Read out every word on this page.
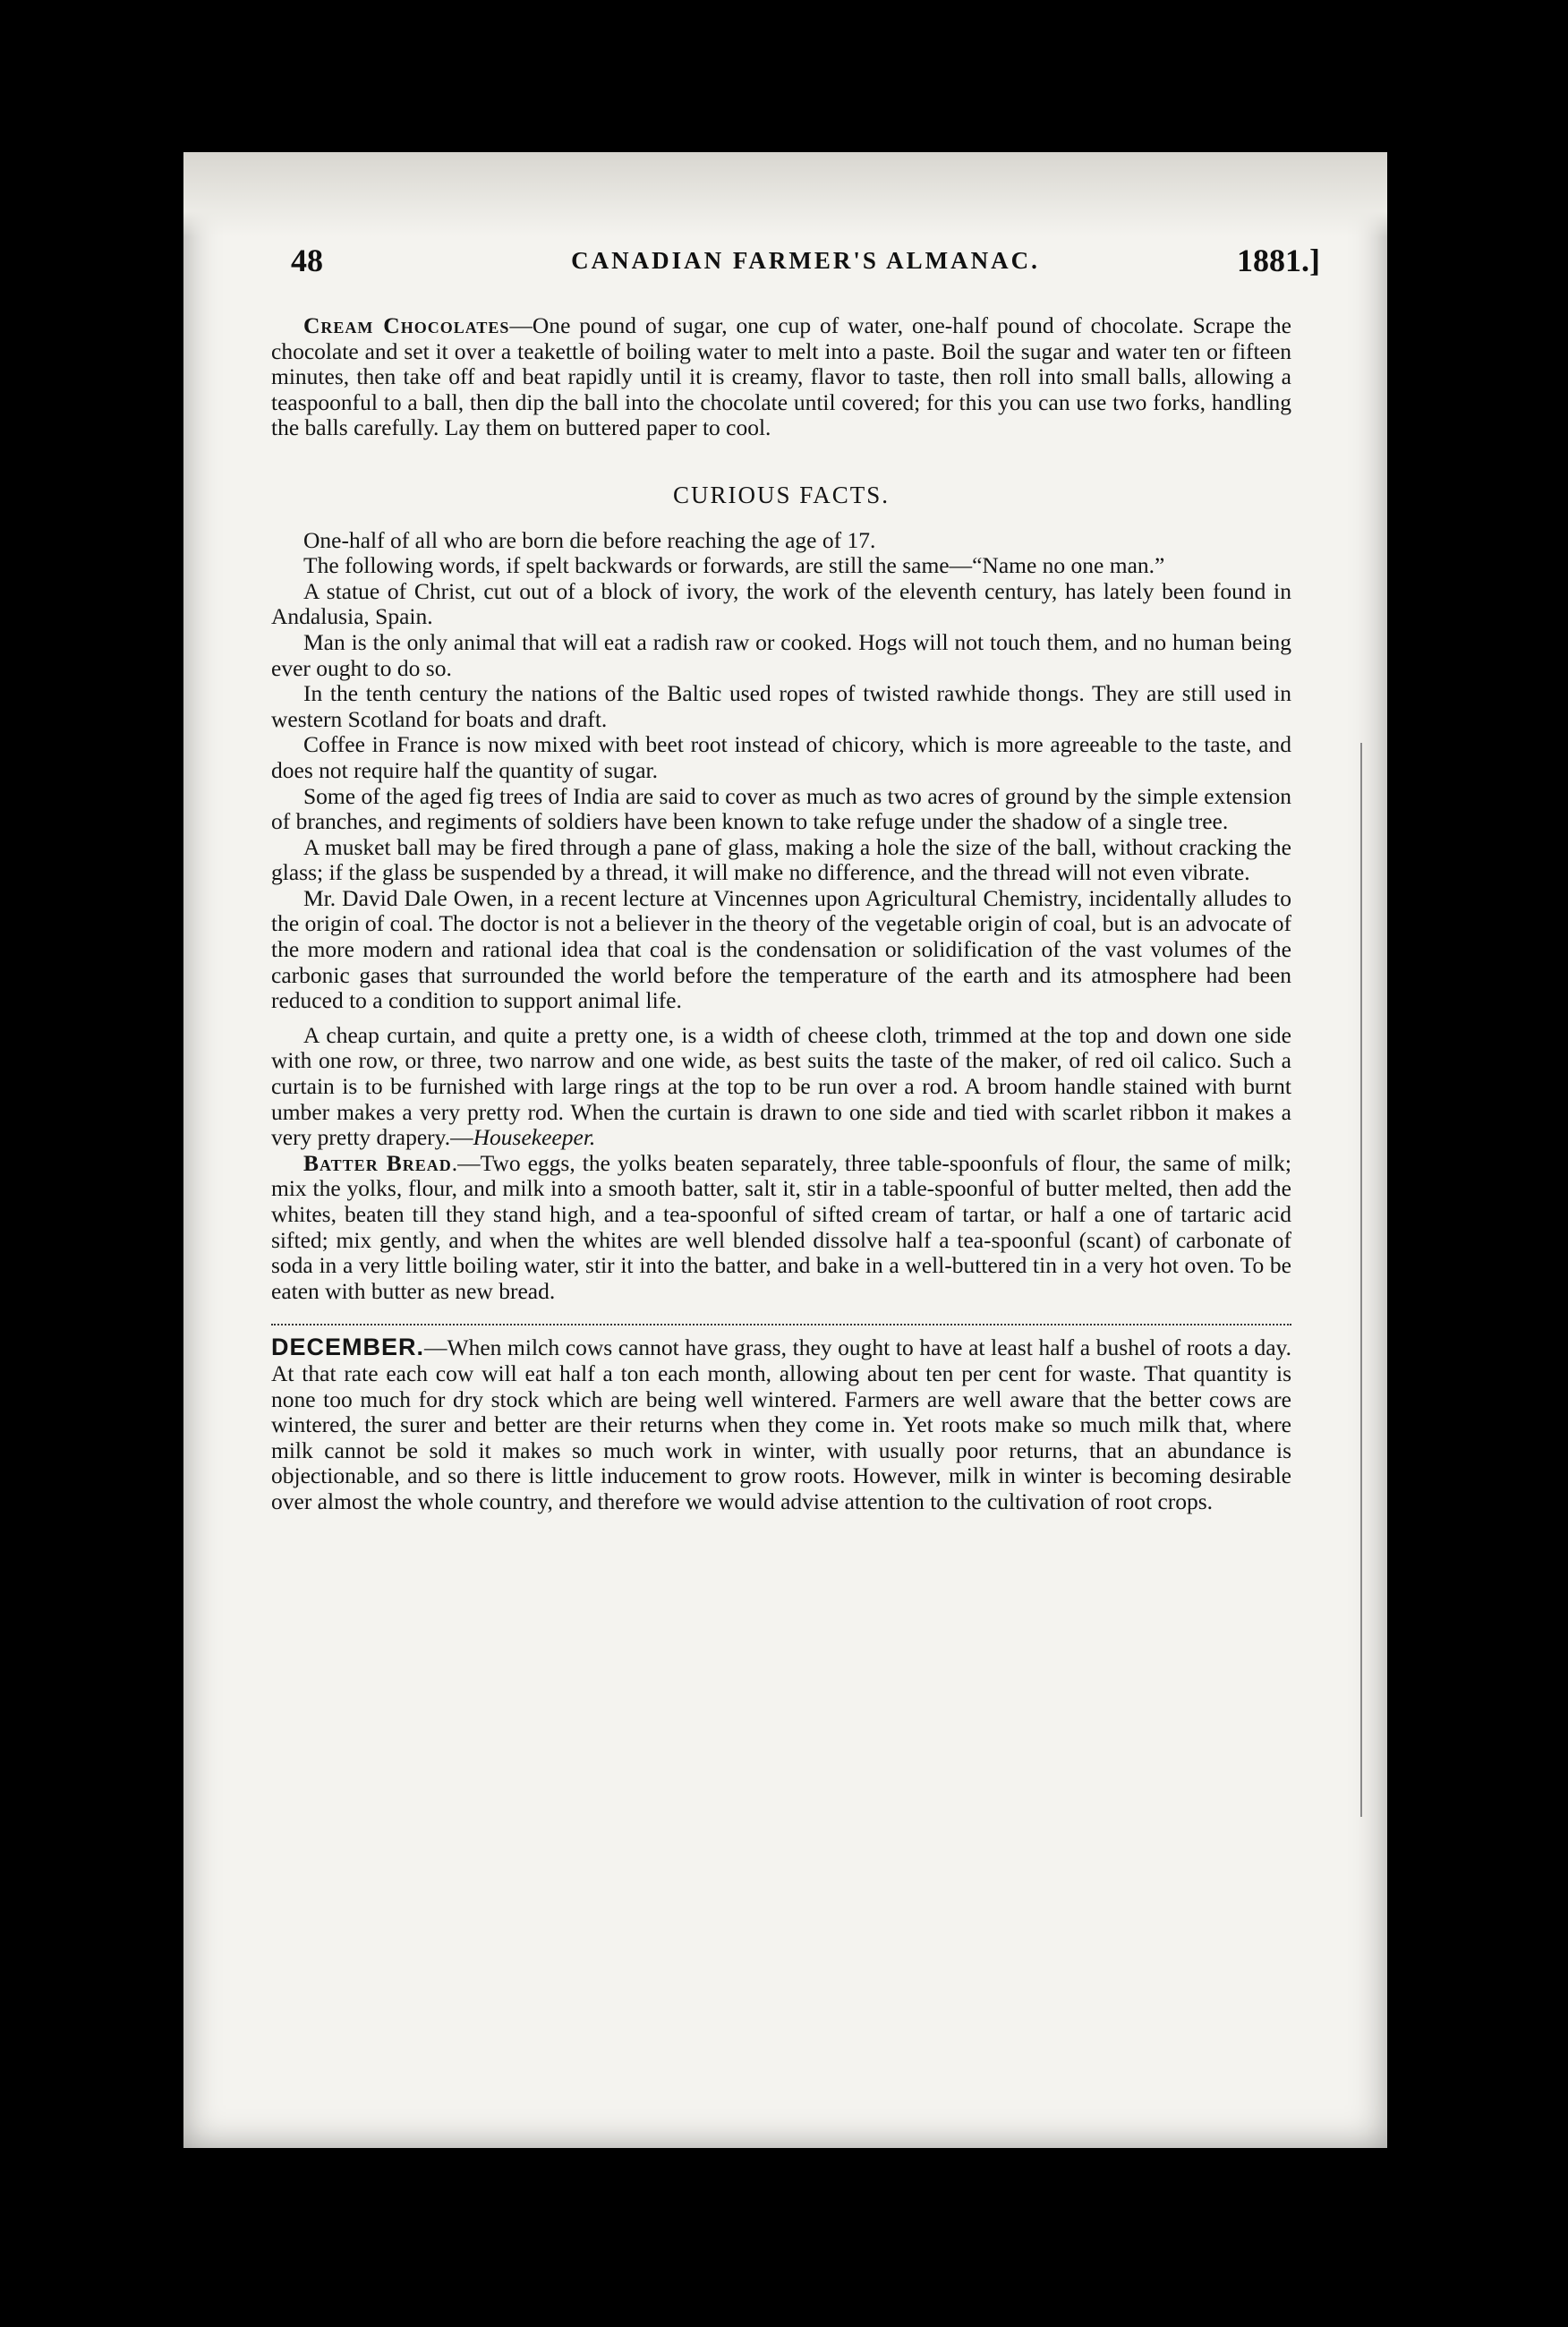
48	CANADIAN FARMER'S ALMANAC.	1881.]

Cream Chocolates—One pound of sugar, one cup of water, one-half pound of chocolate. Scrape the chocolate and set it over a teakettle of boiling water to melt into a paste. Boil the sugar and water ten or fifteen minutes, then take off and beat rapidly until it is creamy, flavor to taste, then roll into small balls, allowing a teaspoonful to a ball, then dip the ball into the chocolate until covered; for this you can use two forks, handling the balls carefully. Lay them on buttered paper to cool.

CURIOUS FACTS.

One-half of all who are born die before reaching the age of 17.

The following words, if spelt backwards or forwards, are still the same—“Name no one man.”

A statue of Christ, cut out of a block of ivory, the work of the eleventh century, has lately been found in Andalusia, Spain.

Man is the only animal that will eat a radish raw or cooked. Hogs will not touch them, and no human being ever ought to do so.

In the tenth century the nations of the Baltic used ropes of twisted rawhide thongs. They are still used in western Scotland for boats and draft.

Coffee in France is now mixed with beet root instead of chicory, which is more agreeable to the taste, and does not require half the quantity of sugar.

Some of the aged fig trees of India are said to cover as much as two acres of ground by the simple extension of branches, and regiments of soldiers have been known to take refuge under the shadow of a single tree.

A musket ball may be fired through a pane of glass, making a hole the size of the ball, without cracking the glass; if the glass be suspended by a thread, it will make no difference, and the thread will not even vibrate.

Mr. David Dale Owen, in a recent lecture at Vincennes upon Agricultural Chemistry, incidentally alludes to the origin of coal. The doctor is not a believer in the theory of the vegetable origin of coal, but is an advocate of the more modern and rational idea that coal is the condensation or solidification of the vast volumes of the carbonic gases that surrounded the world before the temperature of the earth and its atmosphere had been reduced to a condition to support animal life.

A cheap curtain, and quite a pretty one, is a width of cheese cloth, trimmed at the top and down one side with one row, or three, two narrow and one wide, as best suits the taste of the maker, of red oil calico. Such a curtain is to be furnished with large rings at the top to be run over a rod. A broom handle stained with burnt umber makes a very pretty rod. When the curtain is drawn to one side and tied with scarlet ribbon it makes a very pretty drapery.—Housekeeper.

Batter Bread.—Two eggs, the yolks beaten separately, three table-spoonfuls of flour, the same of milk; mix the yolks, flour, and milk into a smooth batter, salt it, stir in a table-spoonful of butter melted, then add the whites, beaten till they stand high, and a tea-spoonful of sifted cream of tartar, or half a one of tartaric acid sifted; mix gently, and when the whites are well blended dissolve half a tea-spoonful (scant) of carbonate of soda in a very little boiling water, stir it into the batter, and bake in a well-buttered tin in a very hot oven. To be eaten with butter as new bread.

DECEMBER.—When milch cows cannot have grass, they ought to have at least half a bushel of roots a day. At that rate each cow will eat half a ton each month, allowing about ten per cent for waste. That quantity is none too much for dry stock which are being well wintered. Farmers are well aware that the better cows are wintered, the surer and better are their returns when they come in. Yet roots make so much milk that, where milk cannot be sold it makes so much work in winter, with usually poor returns, that an abundance is objectionable, and so there is little inducement to grow roots. However, milk in winter is becoming desirable over almost the whole country, and therefore we would advise attention to the cultivation of root crops.
